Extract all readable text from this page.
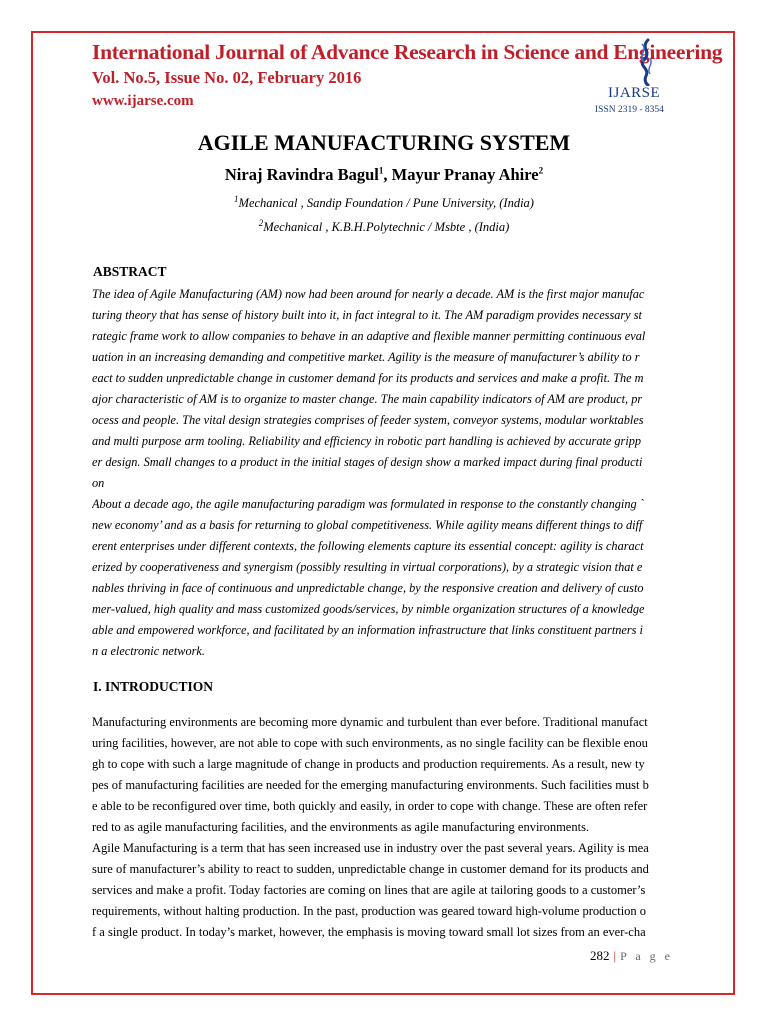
International Journal of Advance Research in Science and Engineering
Vol. No.5, Issue No. 02, February 2016
www.ijarse.com	IJARSE
ISSN 2319 - 8354
AGILE MANUFACTURING SYSTEM
Niraj Ravindra Bagul$^1$, Mayur Pranay Ahire$^2$
$^1$Mechanical , Sandip Foundation / Pune University, (India)
$^2$Mechanical , K.B.H.Polytechnic / Msbte , (India)
ABSTRACT
The idea of Agile Manufacturing (AM) now had been around for nearly a decade. AM is the first major manufac
turing theory that has sense of history built into it, in fact integral to it. The AM paradigm provides necessary st
rategic frame work to allow companies to behave in an adaptive and flexible manner permitting continuous eval
uation in an increasing demanding and competitive market. Agility is the measure of manufacturer’s ability to r
eact to sudden unpredictable change in customer demand for its products and services and make a profit. The m
ajor characteristic of AM is to organize to master change. The main capability indicators of AM are product, pr
ocess and people. The vital design strategies comprises of feeder system, conveyor systems, modular worktables
and multi purpose arm tooling. Reliability and efficiency in robotic part handling is achieved by accurate gripp
er design. Small changes to a product in the initial stages of design show a marked impact during final producti
on
About a decade ago, the agile manufacturing paradigm was formulated in response to the constantly changing `
new economy’ and as a basis for returning to global competitiveness. While agility means different things to diff
erent enterprises under different contexts, the following elements capture its essential concept: agility is charact
erized by cooperativeness and synergism (possibly resulting in virtual corporations), by a strategic vision that e
nables thriving in face of continuous and unpredictable change, by the responsive creation and delivery of custo
mer-valued, high quality and mass customized goods/services, by nimble organization structures of a knowledge
able and empowered workforce, and facilitated by an information infrastructure that links constituent partners i
n a electronic network.
I. INTRODUCTION
Manufacturing environments are becoming more dynamic and turbulent than ever before. Traditional manufact
uring facilities, however, are not able to cope with such environments, as no single facility can be flexible enou
gh to cope with such a large magnitude of change in products and production requirements. As a result, new ty
pes of manufacturing facilities are needed for the emerging manufacturing environments. Such facilities must b
e able to be reconfigured over time, both quickly and easily, in order to cope with change. These are often refer
red to as agile manufacturing facilities, and the environments as agile manufacturing environments.
Agile Manufacturing is a term that has seen increased use in industry over the past several years. Agility is mea
sure of manufacturer’s ability to react to sudden, unpredictable change in customer demand for its products and
services and make a profit. Today factories are coming on lines that are agile at tailoring goods to a customer’s
requirements, without halting production. In the past, production was geared toward high-volume production o
f a single product. In today’s market, however, the emphasis is moving toward small lot sizes from an ever-cha
282 | P a g e
